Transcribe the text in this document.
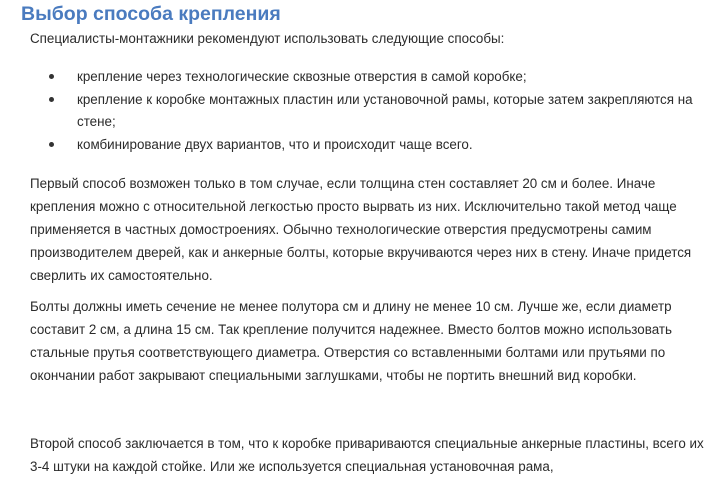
Выбор способа крепления

Специалисты-монтажники рекомендуют использовать следующие способы:

крепление через технологические сквозные отверстия в самой коробке;
крепление к коробке монтажных пластин или установочной рамы, которые затем закрепляются на стене;
комбинирование двух вариантов, что и происходит чаще всего.

Первый способ возможен только в том случае, если толщина стен составляет 20 см и более. Иначе крепления можно с относительной легкостью просто вырвать из них. Исключительно такой метод чаще применяется в частных домостроениях. Обычно технологические отверстия предусмотрены самим производителем дверей, как и анкерные болты, которые вкручиваются через них в стену. Иначе придется сверлить их самостоятельно.

Болты должны иметь сечение не менее полутора см и длину не менее 10 см. Лучше же, если диаметр составит 2 см, а длина 15 см. Так крепление получится надежнее. Вместо болтов можно использовать стальные прутья соответствующего диаметра. Отверстия со вставленными болтами или прутьями по окончании работ закрывают специальными заглушками, чтобы не портить внешний вид коробки.

Второй способ заключается в том, что к коробке привариваются специальные анкерные пластины, всего их 3-4 штуки на каждой стойке. Или же используется специальная установочная рама,
